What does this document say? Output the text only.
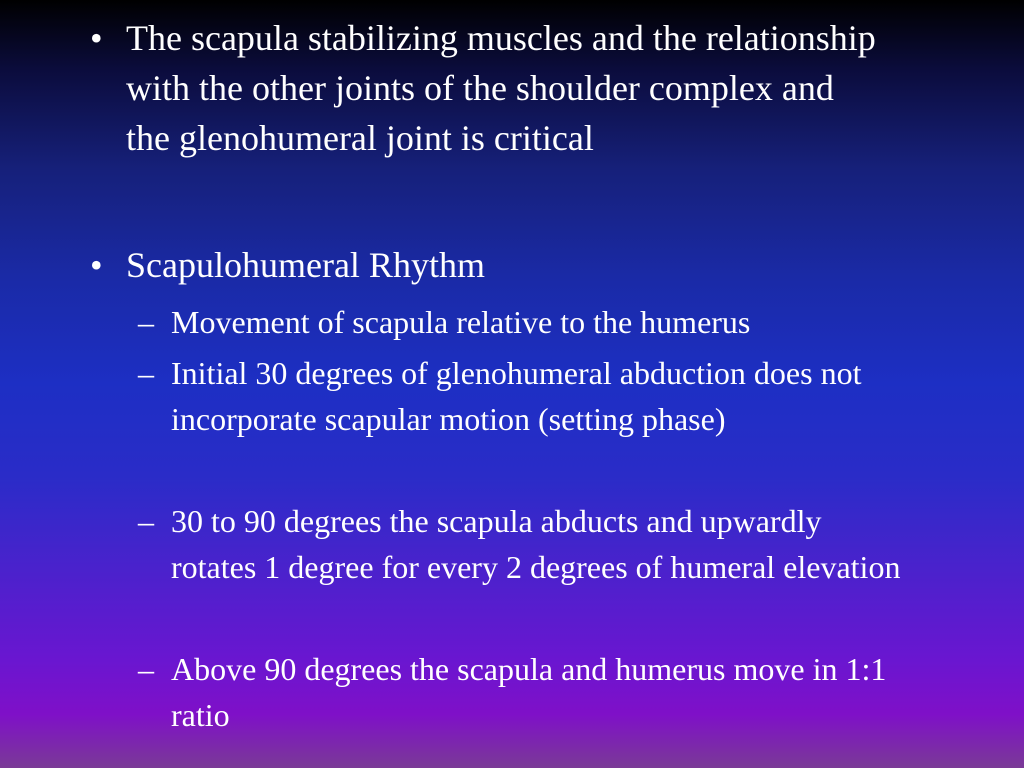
• The scapula stabilizing muscles and the relationship with the other joints of the shoulder complex and the glenohumeral joint is critical
• Scapulohumeral Rhythm
– Movement of scapula relative to the humerus
– Initial 30 degrees of glenohumeral abduction does not incorporate scapular motion (setting phase)
– 30 to 90 degrees the scapula abducts and upwardly rotates 1 degree for every 2 degrees of humeral elevation
– Above 90 degrees the scapula and humerus move in 1:1 ratio
